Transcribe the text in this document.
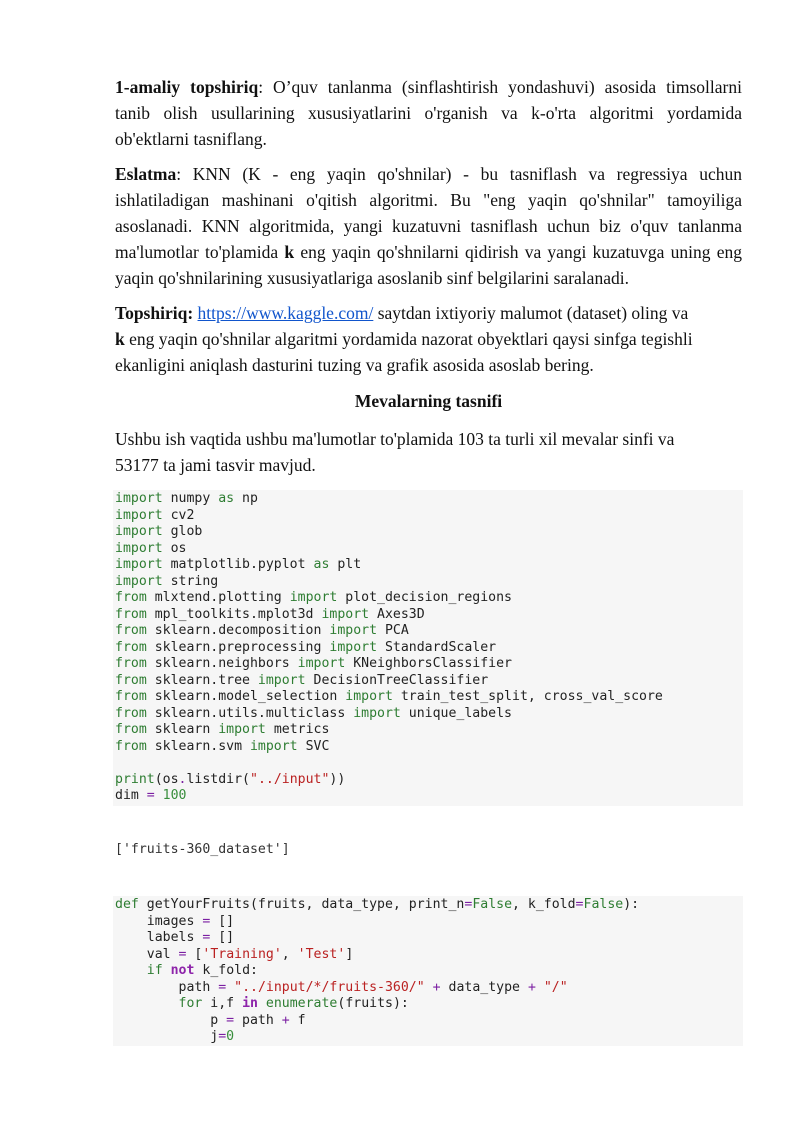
1-amaliy topshiriq: O’quv tanlanma (sinflashtirish yondashuvi) asosida timsollarni tanib olish usullarining xususiyatlarini o'rganish va k-o'rta algoritmi yordamida ob'ektlarni tasniflang.

Eslatma: KNN (K - eng yaqin qo'shnilar) - bu tasniflash va regressiya uchun ishlatiladigan mashinani o'qitish algoritmi. Bu "eng yaqin qo'shnilar" tamoyiliga asoslanadi. KNN algoritmida, yangi kuzatuvni tasniflash uchun biz o'quv tanlanma ma'lumotlar to'plamida k eng yaqin qo'shnilarni qidirish va yangi kuzatuvga uning eng yaqin qo'shnilarining xususiyatlariga asoslanib sinf belgilarini saralanadi.

Topshiriq: https://www.kaggle.com/ saytdan ixtiyoriy malumot (dataset) oling va
k eng yaqin qo'shnilar algaritmi yordamida nazorat obyektlari qaysi sinfga tegishli ekanligini aniqlash dasturini tuzing va grafik asosida asoslab bering.

Mevalarning tasnifi

Ushbu ish vaqtida ushbu ma'lumotlar to'plamida 103 ta turli xil mevalar sinfi va
53177 ta jami tasvir mavjud.

import numpy as np
import cv2
import glob
import os
import matplotlib.pyplot as plt
import string
from mlxtend.plotting import plot_decision_regions
from mpl_toolkits.mplot3d import Axes3D
from sklearn.decomposition import PCA
from sklearn.preprocessing import StandardScaler
from sklearn.neighbors import KNeighborsClassifier
from sklearn.tree import DecisionTreeClassifier
from sklearn.model_selection import train_test_split, cross_val_score
from sklearn.utils.multiclass import unique_labels
from sklearn import metrics
from sklearn.svm import SVC
print(os.listdir("../input"))
dim = 100
['fruits-360_dataset']
def getYourFruits(fruits, data_type, print_n=False, k_fold=False):
images = []
labels = []
val = ['Training', 'Test']
if not k_fold:
path = "../input/*/fruits-360/" + data_type + "/"
for i,f in enumerate(fruits):
p = path + f
j=0
